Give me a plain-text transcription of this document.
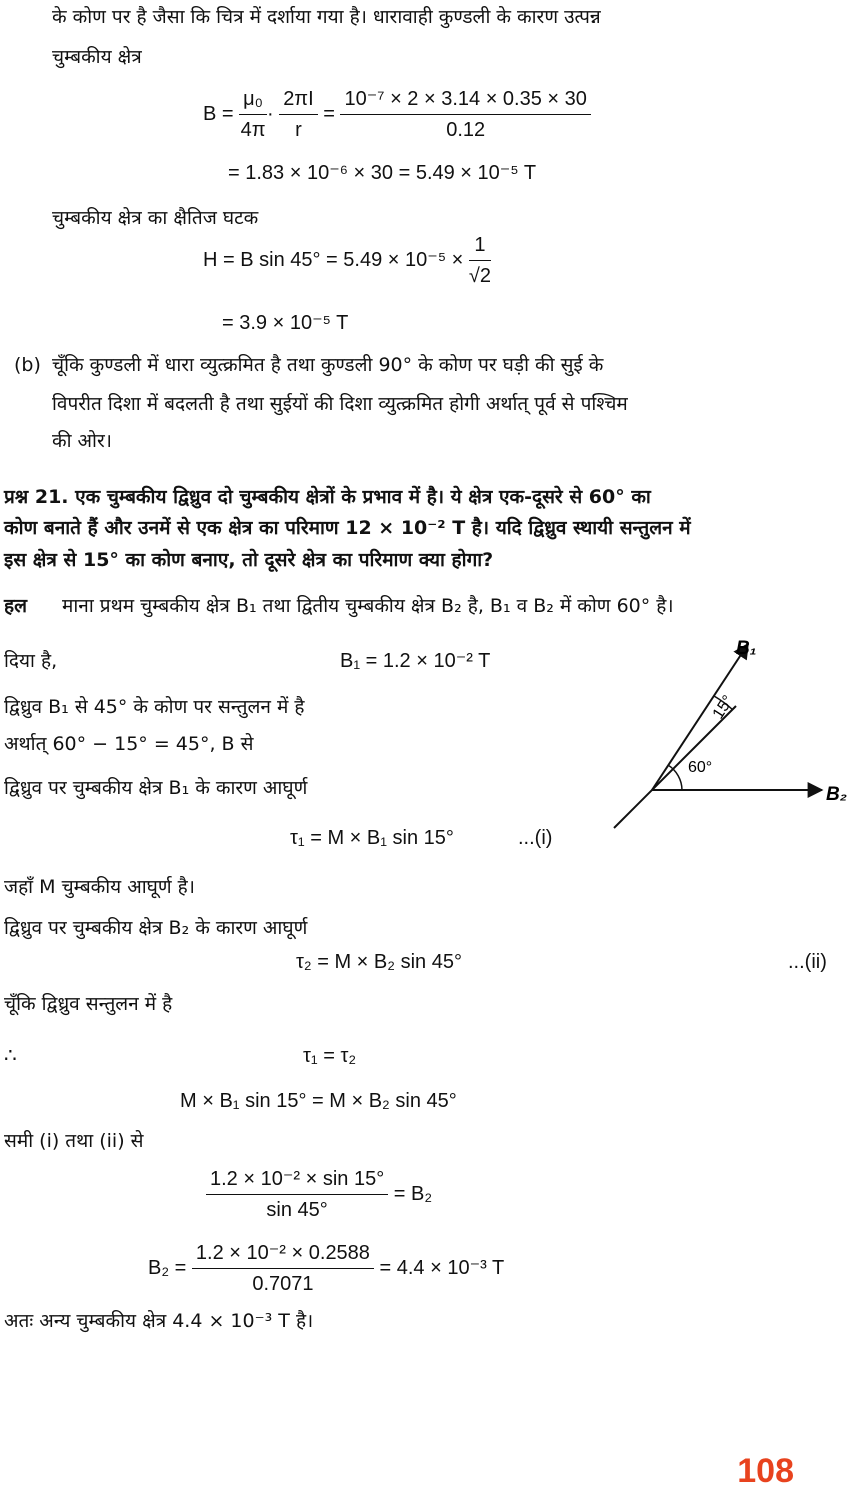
के कोण पर है जैसा कि चित्र में दर्शाया गया है। धारावाही कुण्डली के कारण उत्पन्न
चुम्बकीय क्षेत्र
$B = \frac{\text{μ₀}}{4\pi} \cdot \frac{2\pi I}{r} = \frac{\text{10⁻⁷ × 2 × 3.14 × 0.35 × 30}}{0.12}$
= 1.83 × 10⁻⁶ × 30 = 5.49 × 10⁻⁵ T
चुम्बकीय क्षेत्र का क्षैतिज घटक
H = B $\sin 45^\circ = 5.49 \times 10^{-5} \times \frac{1}{√2}$
= 3.9 × 10⁻⁵ T
(b) चूँकि कुण्डली में धारा व्युत्क्रमित है तथा कुण्डली 90° के कोण पर घड़ी की सुई के
विपरीत दिशा में बदलती है तथा सुईयों की दिशा व्युत्क्रमित होगी अर्थात् पूर्व से पश्चिम
की ओर।
प्रश्न 21. एक चुम्बकीय द्विध्रुव दो चुम्बकीय क्षेत्रों के प्रभाव में है। ये क्षेत्र एक-दूसरे से 60° का
कोण बनाते हैं और उनमें से एक क्षेत्र का परिमाण 12 × 10⁻² T है। यदि द्विध्रुव स्थायी सन्तुलन में
इस क्षेत्र से 15° का कोण बनाए, तो दूसरे क्षेत्र का परिमाण क्या होगा?
हल माना प्रथम चुम्बकीय क्षेत्र B₁ तथा द्वितीय चुम्बकीय क्षेत्र B₂ है, B₁ व B₂ में कोण 60° है।
दिया है,	B₁ = 1.2 × 10⁻² T
द्विध्रुव B₁ से 45° के कोण पर सन्तुलन में है
अर्थात् 60° − 15° = 45°, B से
द्विध्रुव पर चुम्बकीय क्षेत्र B₁ के कारण आघूर्ण
τ₁ = M × B₁ sin 15°	...(i)
जहाँ M चुम्बकीय आघूर्ण है।
द्विध्रुव पर चुम्बकीय क्षेत्र B₂ के कारण आघूर्ण
τ₂ = M × B₂ sin 45°	...(ii)
चूँकि द्विध्रुव सन्तुलन में है
∴	τ₁ = τ₂
M × B₁ sin 15° = M × B₂ sin 45°
समी (i) तथा (ii) से
$\frac{\text{1.2 × 10⁻² × sin 15°}}{\sin 45^\circ} = B_2$
$B_2 = \frac{\text{1.2 × 10⁻² × 0.2588}}{0.7071} = 4.4 \times 10^{-3}$ T
अतः अन्य चुम्बकीय क्षेत्र 4.4 × 10⁻³ T है।
B₁
B₂
15°
60°
108
